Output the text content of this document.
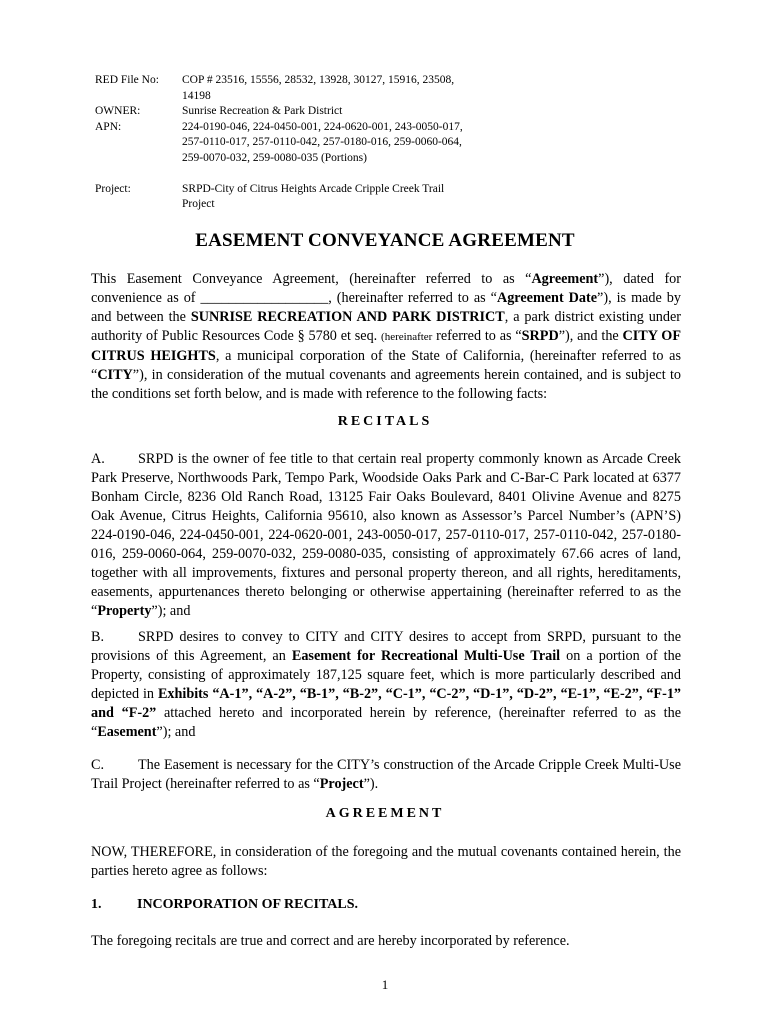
RED File No:	COP # 23516, 15556, 28532, 13928, 30127, 15916, 23508, 14198
OWNER:	Sunrise Recreation & Park District
APN:	224-0190-046, 224-0450-001, 224-0620-001, 243-0050-017, 257-0110-017, 257-0110-042, 257-0180-016, 259-0060-064, 259-0070-032, 259-0080-035 (Portions)
Project:	SRPD-City of Citrus Heights Arcade Cripple Creek Trail Project
EASEMENT CONVEYANCE AGREEMENT

This Easement Conveyance Agreement, (hereinafter referred to as “Agreement”), dated for convenience as of __________________, (hereinafter referred to as “Agreement Date”), is made by and between the SUNRISE RECREATION AND PARK DISTRICT, a park district existing under authority of Public Resources Code § 5780 et seq. (hereinafter referred to as “SRPD”), and the CITY OF CITRUS HEIGHTS, a municipal corporation of the State of California, (hereinafter referred to as “CITY”), in consideration of the mutual covenants and agreements herein contained, and is subject to the conditions set forth below, and is made with reference to the following facts:

RECITALS

A. SRPD is the owner of fee title to that certain real property commonly known as Arcade Creek Park Preserve, Northwoods Park, Tempo Park, Woodside Oaks Park and C-Bar-C Park located at 6377 Bonham Circle, 8236 Old Ranch Road, 13125 Fair Oaks Boulevard, 8401 Olivine Avenue and 8275 Oak Avenue, Citrus Heights, California 95610, also known as Assessor’s Parcel Number’s (APN’S) 224-0190-046, 224-0450-001, 224-0620-001, 243-0050-017, 257-0110-017, 257-0110-042, 257-0180-016, 259-0060-064, 259-0070-032, 259-0080-035, consisting of approximately 67.66 acres of land, together with all improvements, fixtures and personal property thereon, and all rights, hereditaments, easements, appurtenances thereto belonging or otherwise appertaining (hereinafter referred to as the “Property”); and

B. SRPD desires to convey to CITY and CITY desires to accept from SRPD, pursuant to the provisions of this Agreement, an Easement for Recreational Multi-Use Trail on a portion of the Property, consisting of approximately 187,125 square feet, which is more particularly described and depicted in Exhibits “A-1”, “A-2”, “B-1”, “B-2”, “C-1”, “C-2”, “D-1”, “D-2”, “E-1”, “E-2”, “F-1” and “F-2” attached hereto and incorporated herein by reference, (hereinafter referred to as the “Easement”); and

C. The Easement is necessary for the CITY’s construction of the Arcade Cripple Creek Multi-Use Trail Project (hereinafter referred to as “Project”).

AGREEMENT
NOW, THEREFORE, in consideration of the foregoing and the mutual covenants contained herein, the parties hereto agree as follows:
1.	INCORPORATION OF RECITALS.
The foregoing recitals are true and correct and are hereby incorporated by reference.
1
